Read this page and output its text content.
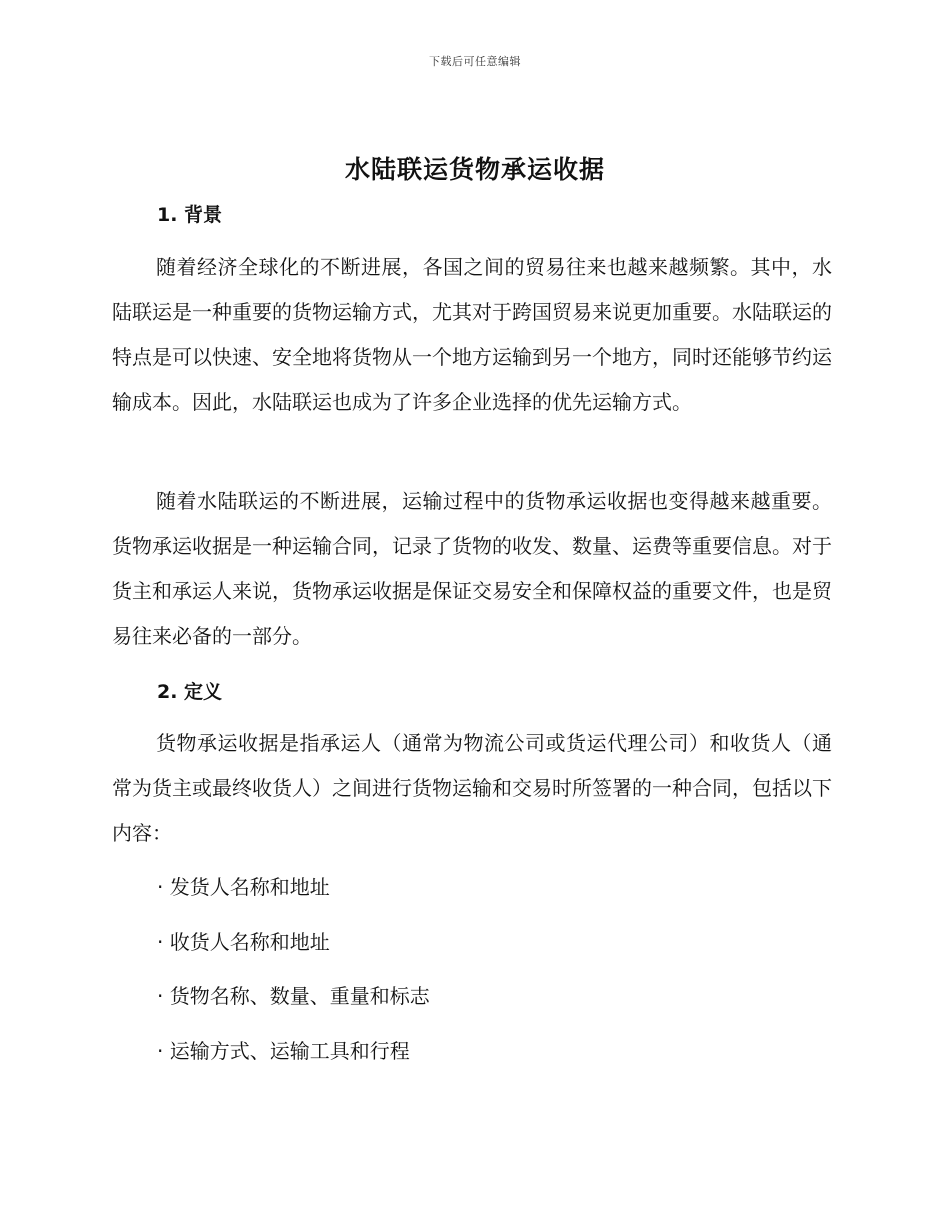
下载后可任意编辑
水陆联运货物承运收据
1. 背景

随着经济全球化的不断进展，各国之间的贸易往来也越来越频繁。其中，水陆联运是一种重要的货物运输方式，尤其对于跨国贸易来说更加重要。水陆联运的特点是可以快速、安全地将货物从一个地方运输到另一个地方，同时还能够节约运输成本。因此，水陆联运也成为了许多企业选择的优先运输方式。

随着水陆联运的不断进展，运输过程中的货物承运收据也变得越来越重要。货物承运收据是一种运输合同，记录了货物的收发、数量、运费等重要信息。对于货主和承运人来说，货物承运收据是保证交易安全和保障权益的重要文件，也是贸易往来必备的一部分。

2. 定义

货物承运收据是指承运人（通常为物流公司或货运代理公司）和收货人（通常为货主或最终收货人）之间进行货物运输和交易时所签署的一种合同，包括以下内容：

· 发货人名称和地址
· 收货人名称和地址
· 货物名称、数量、重量和标志
· 运输方式、运输工具和行程
